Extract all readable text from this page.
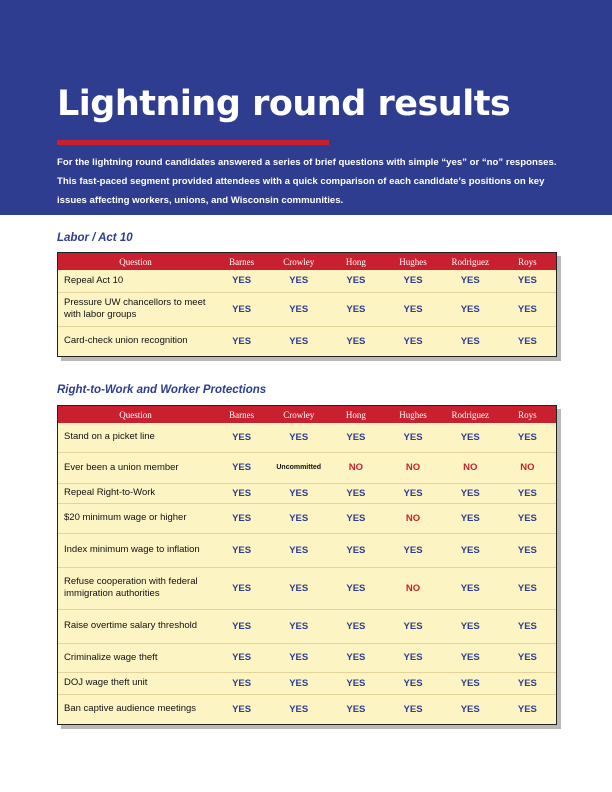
Lightning round results

For the lightning round candidates answered a series of brief questions with simple “yes” or “no” responses. This fast-paced segment provided attendees with a quick comparison of each candidate’s positions on key issues affecting workers, unions, and Wisconsin communities.

Labor / Act 10
Question	Barnes	Crowley	Hong	Hughes	Rodriguez	Roys
Repeal Act 10	YES	YES	YES	YES	YES	YES
Pressure UW chancellors to meet with labor groups	YES	YES	YES	YES	YES	YES
Card-check union recognition	YES	YES	YES	YES	YES	YES
Right-to-Work and Worker Protections
Question	Barnes	Crowley	Hong	Hughes	Rodriguez	Roys
Stand on a picket line	YES	YES	YES	YES	YES	YES
Ever been a union member	YES	Uncommitted	NO	NO	NO	NO
Repeal Right-to-Work	YES	YES	YES	YES	YES	YES
$20 minimum wage or higher	YES	YES	YES	NO	YES	YES
Index minimum wage to inflation	YES	YES	YES	YES	YES	YES
Refuse cooperation with federal immigration authorities	YES	YES	YES	NO	YES	YES
Raise overtime salary threshold	YES	YES	YES	YES	YES	YES
Criminalize wage theft	YES	YES	YES	YES	YES	YES
DOJ wage theft unit	YES	YES	YES	YES	YES	YES
Ban captive audience meetings	YES	YES	YES	YES	YES	YES
